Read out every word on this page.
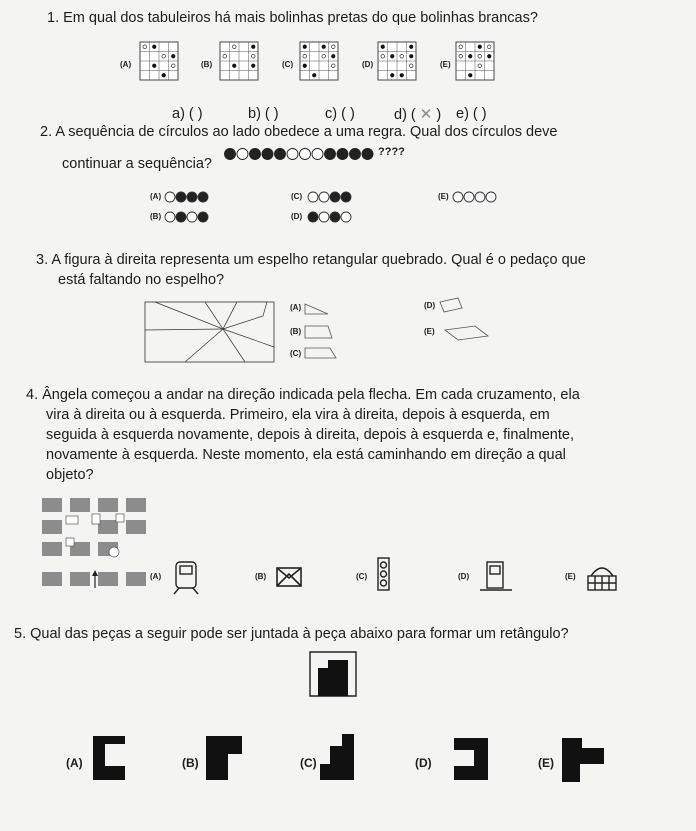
1. Em qual dos tabuleiros há mais bolinhas pretas do que bolinhas brancas?
(A)	(B)	(C)	(D)	(E)
a) ( )	b) ( )	c) ( )	d) ( ✕ ) e) ( )
2. A sequência de círculos ao lado obedece a uma regra. Qual dos círculos deve
continuar a sequência?
????
(A)
(B)
(C)
(D)
(E)
3. A figura à direita representa um espelho retangular quebrado. Qual é o pedaço que
está faltando no espelho?
(A)
(B)
(C)
(D)
(E)
4. Ângela começou a andar na direção indicada pela flecha. Em cada cruzamento, ela
vira à direita ou à esquerda. Primeiro, ela vira à direita, depois à esquerda, em
seguida à esquerda novamente, depois à direita, depois à esquerda e, finalmente,
novamente à esquerda. Neste momento, ela está caminhando em direção a qual
objeto?
(A)	(B)	(C)	(D)	(E)
5. Qual das peças a seguir pode ser juntada à peça abaixo para formar um retângulo?
(A)	(B)	(C)	(D)	(E)
